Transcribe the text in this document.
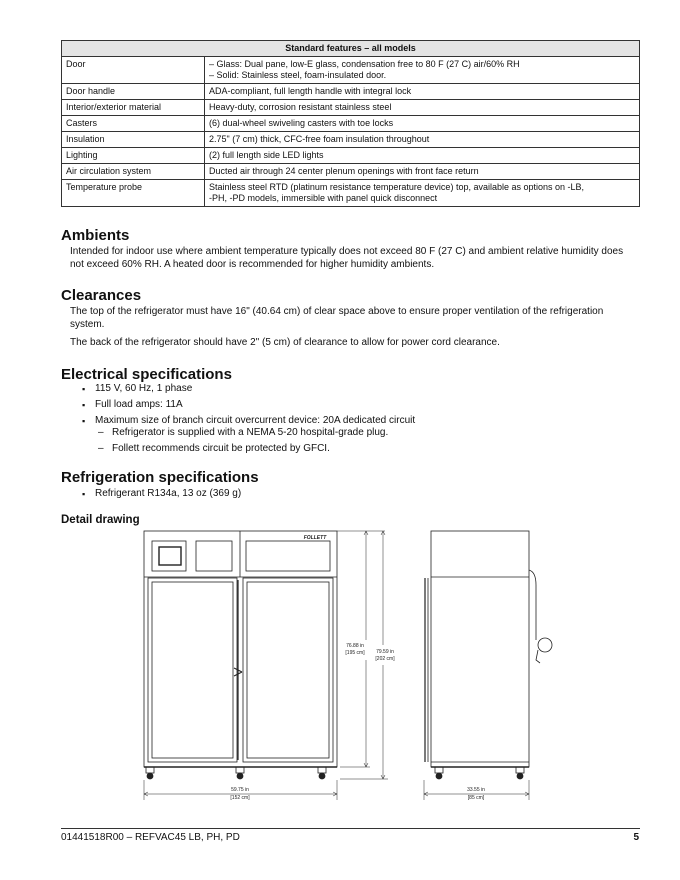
Standard features – all models	
Door	– Glass: Dual pane, low-E glass, condensation free to 80 F (27 C) air/60% RH
– Solid: Stainless steel, foam-insulated door.

Door handle	ADA-compliant, full length handle with integral lock
Interior/exterior material	Heavy-duty, corrosion resistant stainless steel
Casters	(6) dual-wheel swiveling casters with toe locks
Insulation	2.75" (7 cm) thick, CFC-free foam insulation throughout
Lighting	(2) full length side LED lights
Air circulation system	Ducted air through 24 center plenum openings with front face return
Temperature probe	Stainless steel RTD (platinum resistance temperature device) top, available as options on -LB,
-PH, -PD models, immersible with panel quick disconnect
Ambients

Intended for indoor use where ambient temperature typically does not exceed 80 F (27 C) and ambient relative humidity does not exceed 60% RH. A heated door is recommended for higher humidity ambients.

Clearances

The top of the refrigerator must have 16" (40.64 cm) of clear space above to ensure proper ventilation of the refrigeration system.

The back of the refrigerator should have 2" (5 cm) of clearance to allow for power cord clearance.

Electrical specifications
▪ 115 V, 60 Hz, 1 phase
▪ Full load amps: 11A
▪ Maximum size of branch circuit overcurrent device: 20A dedicated circuit
– Refrigerator is supplied with a NEMA 5-20 hospital-grade plug.
– Follett recommends circuit be protected by GFCI.
Refrigeration specifications
▪ Refrigerant R134a, 13 oz (369 g)
Detail drawing
FOLLETT
76.88 in
[195 cm] 79.59 in
[202 cm]
59.75 in
[152 cm]
33.55 in
[85 cm]
01441518R00 – REFVAC45 LB, PH, PD	5
